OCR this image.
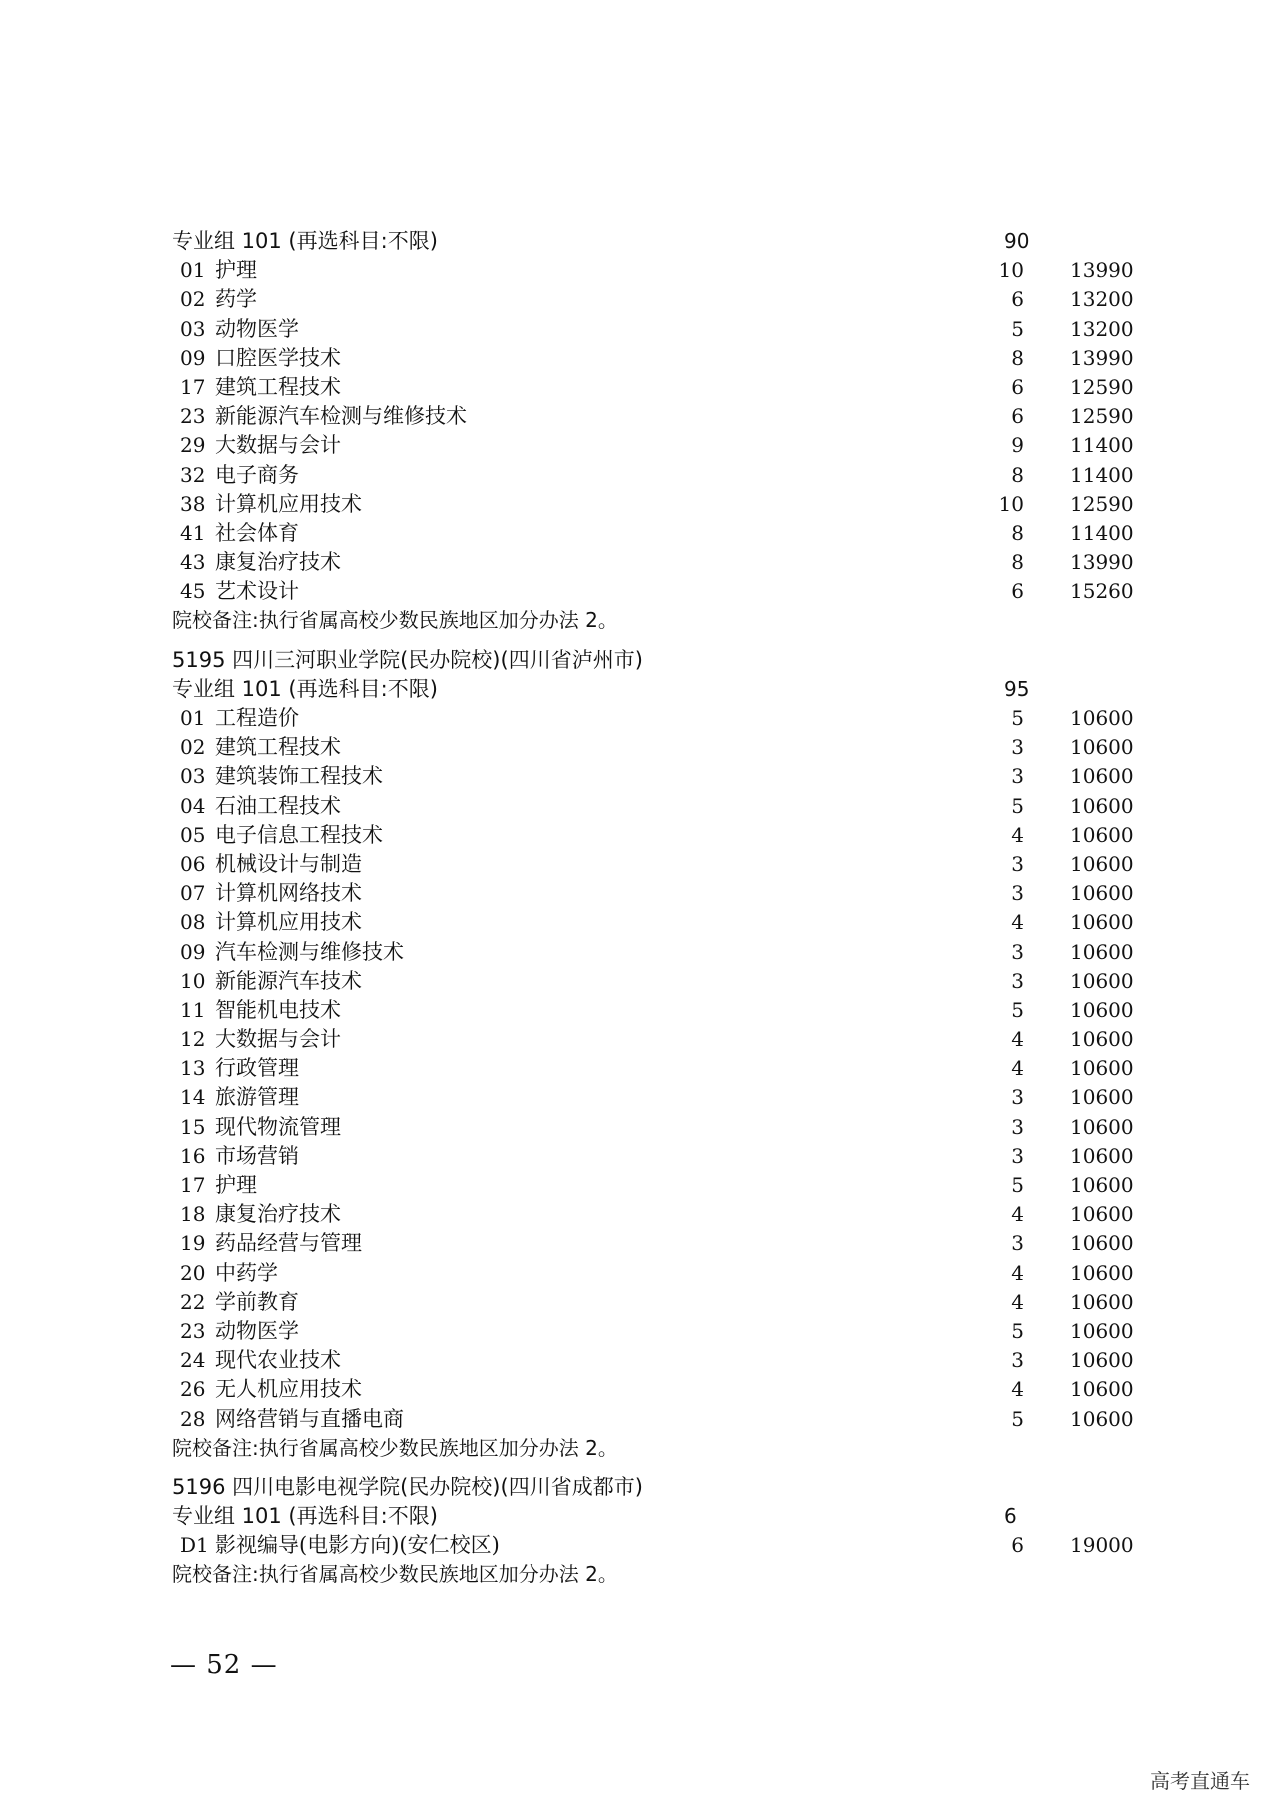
专业组 101 (再选科目:不限)	90
01 护理	10 13990
02 药学	6 13200
03 动物医学	5 13200
09 口腔医学技术	8 13990
17 建筑工程技术	6 12590
23 新能源汽车检测与维修技术	6 12590
29 大数据与会计	9 11400
32 电子商务	8 11400
38 计算机应用技术	10 12590
41 社会体育	8 11400
43 康复治疗技术	8 13990
45 艺术设计	6 15260
院校备注:执行省属高校少数民族地区加分办法 2。
5195 四川三河职业学院(民办院校)(四川省泸州市)
专业组 101 (再选科目:不限)	95
01 工程造价	5 10600
02 建筑工程技术	3 10600
03 建筑装饰工程技术	3 10600
04 石油工程技术	5 10600
05 电子信息工程技术	4 10600
06 机械设计与制造	3 10600
07 计算机网络技术	3 10600
08 计算机应用技术	4 10600
09 汽车检测与维修技术	3 10600
10 新能源汽车技术	3 10600
11 智能机电技术	5 10600
12 大数据与会计	4 10600
13 行政管理	4 10600
14 旅游管理	3 10600
15 现代物流管理	3 10600
16 市场营销	3 10600
17 护理	5 10600
18 康复治疗技术	4 10600
19 药品经营与管理	3 10600
20 中药学	4 10600
22 学前教育	4 10600
23 动物医学	5 10600
24 现代农业技术	3 10600
26 无人机应用技术	4 10600
28 网络营销与直播电商	5 10600
院校备注:执行省属高校少数民族地区加分办法 2。
5196 四川电影电视学院(民办院校)(四川省成都市)
专业组 101 (再选科目:不限)	6
D1 影视编导(电影方向)(安仁校区)	6 19000
院校备注:执行省属高校少数民族地区加分办法 2。
— 52 —
高考直通车
